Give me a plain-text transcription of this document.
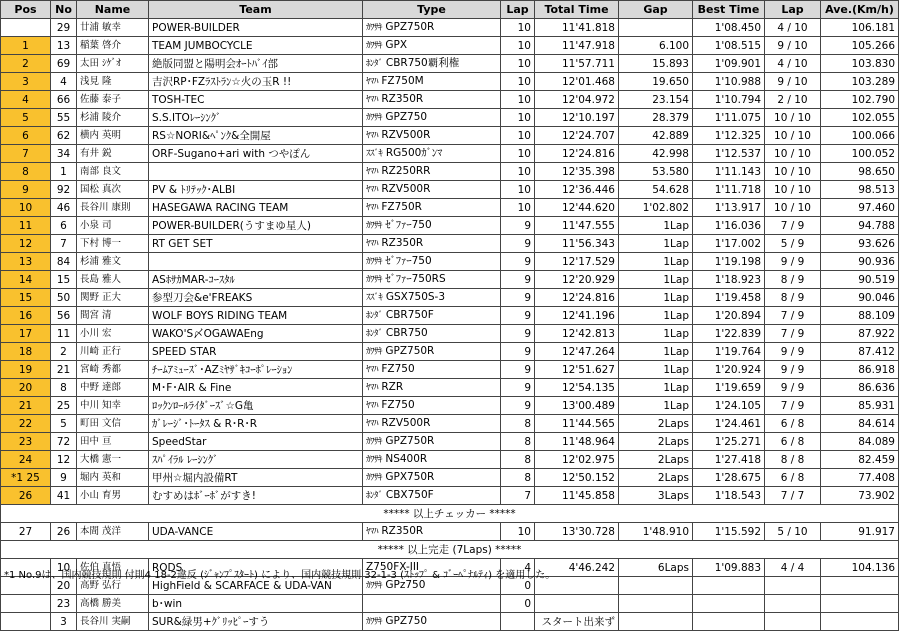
Pos	No	Name	Team	Type	Lap	Total Time	Gap	Best Time	Lap	Ave.(Km/h)
	29	廿浦 敏幸	POWER-BUILDER	ｶﾜｻｷ GPZ750R	10	11'41.818		1'08.450	4 / 10	106.181
1	13	稲葉 啓介	TEAM JUMBOCYCLE	ｶﾜｻｷ GPX	10	11'47.918	6.100	1'08.515	9 / 10	105.266
2	69	太田 ｼｹﾞｵ	絶版同盟と陽明会ｵｰﾄﾊﾞｲ部	ﾎﾝﾀﾞ CBR750覇利権	10	11'57.711	15.893	1'09.901	4 / 10	103.830
3	4	浅見 隆	吉沢RP･FZﾗｽﾄﾗﾝ☆火の玉R !!	ﾔﾏﾊ FZ750M	10	12'01.468	19.650	1'10.988	9 / 10	103.289
4	66	佐藤 泰子	TOSH-TEC	ﾔﾏﾊ RZ350R	10	12'04.972	23.154	1'10.794	2 / 10	102.790
5	55	杉浦 陵介	S.S.ITOﾚｰｼﾝｸﾞ	ｶﾜｻｷ GPZ750	10	12'10.197	28.379	1'11.075	10 / 10	102.055
6	62	横内 英明	RS☆NORI&ﾍﾟﾝｸ&全開屋	ﾔﾏﾊ RZV500R	10	12'24.707	42.889	1'12.325	10 / 10	100.066
7	34	有井 鋭	ORF-Sugano+ari with つやぽん	ｽｽﾞｷ RG500ｶﾞﾝﾏ	10	12'24.816	42.998	1'12.537	10 / 10	100.052
8	1	南部 良文		ﾔﾏﾊ RZ250RR	10	12'35.398	53.580	1'11.143	10 / 10	98.650
9	92	国松 真次	PV & ﾄﾘﾃｯｸ･ALBI	ﾔﾏﾊ RZV500R	10	12'36.446	54.628	1'11.718	10 / 10	98.513
10	46	長谷川 康則	HASEGAWA RACING TEAM	ﾔﾏﾊ FZ750R	10	12'44.620	1'02.802	1'13.917	10 / 10	97.460
11	6	小泉 司	POWER-BUILDER(うすまゆ星人)	ｶﾜｻｷ ｾﾞﾌｧｰ750	9	11'47.555	1Lap	1'16.036	7 / 9	94.788
12	7	下村 博一	RT GET SET	ﾔﾏﾊ RZ350R	9	11'56.343	1Lap	1'17.002	5 / 9	93.626
13	84	杉浦 雅文		ｶﾜｻｷ ｾﾞﾌｧｰ750	9	12'17.529	1Lap	1'19.198	9 / 9	90.936
14	15	長島 雅人	ASﾎｻｶMAR-ｺｰｽﾀﾙ	ｶﾜｻｷ ｾﾞﾌｧｰ750RS	9	12'20.929	1Lap	1'18.923	8 / 9	90.519
15	50	関野 正大	参型刀会&e'FREAKS	ｽｽﾞｷ GSX750S-3	9	12'24.816	1Lap	1'19.458	8 / 9	90.046
16	56	間宮 清	WOLF BOYS RIDING TEAM	ﾎﾝﾀﾞ CBR750F	9	12'41.196	1Lap	1'20.894	7 / 9	88.109
17	11	小川 宏	WAKO'S〆OGAWAEng	ﾎﾝﾀﾞ CBR750	9	12'42.813	1Lap	1'22.839	7 / 9	87.922
18	2	川崎 正行	SPEED STAR	ｶﾜｻｷ GPZ750R	9	12'47.264	1Lap	1'19.764	9 / 9	87.412
19	21	宮崎 秀都	ﾁｰﾑｱﾐｭｰｽﾞ･AZﾐﾔｻﾞｷｺｰﾎﾟﾚｰｼｮﾝ	ﾔﾏﾊ FZ750	9	12'51.627	1Lap	1'20.924	9 / 9	86.918
20	8	中野 達郎	M･F･AIR & Fine	ﾔﾏﾊ RZR	9	12'54.135	1Lap	1'19.659	9 / 9	86.636
21	25	中川 知幸	ﾛｯｸﾝﾛｰﾙﾗｲﾀﾞｰｽﾞ☆G亀	ﾔﾏﾊ FZ750	9	13'00.489	1Lap	1'24.105	7 / 9	85.931
22	5	町田 文信	ｶﾞﾚｰｼﾞ･ﾄｰﾀｽ & R･R･R	ﾔﾏﾊ RZV500R	8	11'44.565	2Laps	1'24.461	6 / 8	84.614
23	72	田中 亘	SpeedStar	ｶﾜｻｷ GPZ750R	8	11'48.964	2Laps	1'25.271	6 / 8	84.089
24	12	大橋 憲一	ｽﾊﾟｲﾗﾙ ﾚｰｼﾝｸﾞ	ｶﾜｻｷ NS400R	8	12'02.975	2Laps	1'27.418	8 / 8	82.459
*1 25	9	堀内 英和	甲州☆堀内設備RT	ｶﾜｻｷ GPX750R	8	12'50.152	2Laps	1'28.675	6 / 8	77.408
26	41	小山 育男	むすめはﾎﾞｰﾎﾞがすき!	ﾎﾝﾀﾞ CBX750F	7	11'45.858	3Laps	1'18.543	7 / 7	73.902
***** 以上チェッカー *****										
27	26	本間 茂洋	UDA-VANCE	ﾔﾏﾊ RZ350R	10	13'30.728	1'48.910	1'15.592	5 / 10	91.917
***** 以上完走 (7Laps) *****										
	10	佐伯 真悟	RODS	Z750FX-III	4	4'46.242	6Laps	1'09.883	4 / 4	104.136
	20	高野 弘行	HighField & SCARFACE & UDA-VAN	ｶﾜｻｷ GPz750	0					
	23	高橋 勝美	b･win		0					
	3	長谷川 実嗣	SUR&緑男+ｸﾞﾘｯﾋﾟｰすう	ｶﾜｻｷ GPZ750		スタート出来ず				
*1 No.9は、国内競技規則 付則4 18-2違反 (ｼﾞｬﾝﾌﾟｽﾀｰﾄ) により、国内競技規則 32-1-3 (ｽﾄｯﾌﾟ & ｺﾞｰﾍﾟﾅﾙﾃｨ) を適用した。
